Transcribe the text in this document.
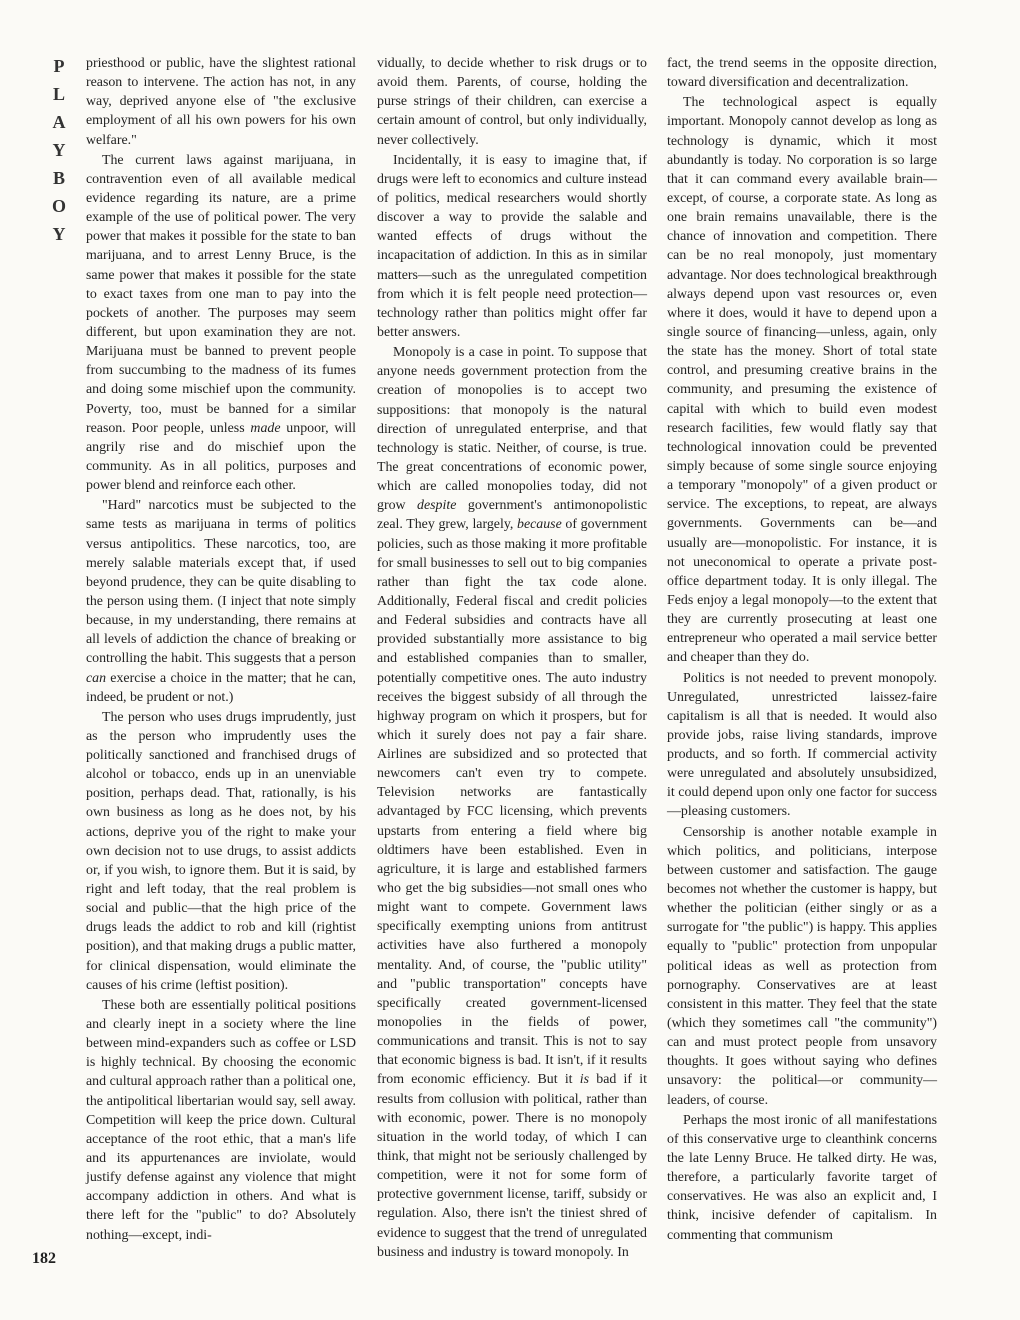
P
L
A
Y
B
O
Y
182

priesthood or public, have the slightest rational reason to intervene. The action has not, in any way, deprived anyone else of "the exclusive employment of all his own powers for his own welfare."

The current laws against marijuana, in contravention even of all available medical evidence regarding its nature, are a prime example of the use of political power. The very power that makes it possible for the state to ban marijuana, and to arrest Lenny Bruce, is the same power that makes it possible for the state to exact taxes from one man to pay into the pockets of another. The purposes may seem different, but upon examination they are not. Marijuana must be banned to prevent people from succumbing to the madness of its fumes and doing some mischief upon the community. Poverty, too, must be banned for a similar reason. Poor people, unless made unpoor, will angrily rise and do mischief upon the community. As in all politics, purposes and power blend and reinforce each other.

"Hard" narcotics must be subjected to the same tests as marijuana in terms of politics versus antipolitics. These narcotics, too, are merely salable materials except that, if used beyond prudence, they can be quite disabling to the person using them. (I inject that note simply because, in my understanding, there remains at all levels of addiction the chance of breaking or controlling the habit. This suggests that a person can exercise a choice in the matter; that he can, indeed, be prudent or not.)

The person who uses drugs imprudently, just as the person who imprudently uses the politically sanctioned and franchised drugs of alcohol or tobacco, ends up in an unenviable position, perhaps dead. That, rationally, is his own business as long as he does not, by his actions, deprive you of the right to make your own decision not to use drugs, to assist addicts or, if you wish, to ignore them. But it is said, by right and left today, that the real problem is social and public—that the high price of the drugs leads the addict to rob and kill (rightist position), and that making drugs a public matter, for clinical dispensation, would eliminate the causes of his crime (leftist position).

These both are essentially political positions and clearly inept in a society where the line between mind-expanders such as coffee or LSD is highly technical. By choosing the economic and cultural approach rather than a political one, the antipolitical libertarian would say, sell away. Competition will keep the price down. Cultural acceptance of the root ethic, that a man's life and its appurtenances are inviolate, would justify defense against any violence that might accompany addiction in others. And what is there left for the "public" to do? Absolutely nothing—except, indi-

vidually, to decide whether to risk drugs or to avoid them. Parents, of course, holding the purse strings of their children, can exercise a certain amount of control, but only individually, never collectively.

Incidentally, it is easy to imagine that, if drugs were left to economics and culture instead of politics, medical researchers would shortly discover a way to provide the salable and wanted effects of drugs without the incapacitation of addiction. In this as in similar matters—such as the unregulated competition from which it is felt people need protection—technology rather than politics might offer far better answers.

Monopoly is a case in point. To suppose that anyone needs government protection from the creation of monopolies is to accept two suppositions: that monopoly is the natural direction of unregulated enterprise, and that technology is static. Neither, of course, is true. The great concentrations of economic power, which are called monopolies today, did not grow despite government's antimonopolistic zeal. They grew, largely, because of government policies, such as those making it more profitable for small businesses to sell out to big companies rather than fight the tax code alone. Additionally, Federal fiscal and credit policies and Federal subsidies and contracts have all provided substantially more assistance to big and established companies than to smaller, potentially competitive ones. The auto industry receives the biggest subsidy of all through the highway program on which it prospers, but for which it surely does not pay a fair share. Airlines are subsidized and so protected that newcomers can't even try to compete. Television networks are fantastically advantaged by FCC licensing, which prevents upstarts from entering a field where big oldtimers have been established. Even in agriculture, it is large and established farmers who get the big subsidies—not small ones who might want to compete. Government laws specifically exempting unions from antitrust activities have also furthered a monopoly mentality. And, of course, the "public utility" and "public transportation" concepts have specifically created government-licensed monopolies in the fields of power, communications and transit. This is not to say that economic bigness is bad. It isn't, if it results from economic efficiency. But it is bad if it results from collusion with political, rather than with economic, power. There is no monopoly situation in the world today, of which I can think, that might not be seriously challenged by competition, were it not for some form of protective government license, tariff, subsidy or regulation. Also, there isn't the tiniest shred of evidence to suggest that the trend of unregulated business and industry is toward monopoly. In

fact, the trend seems in the opposite direction, toward diversification and decentralization.

The technological aspect is equally important. Monopoly cannot develop as long as technology is dynamic, which it most abundantly is today. No corporation is so large that it can command every available brain—except, of course, a corporate state. As long as one brain remains unavailable, there is the chance of innovation and competition. There can be no real monopoly, just momentary advantage. Nor does technological breakthrough always depend upon vast resources or, even where it does, would it have to depend upon a single source of financing—unless, again, only the state has the money. Short of total state control, and presuming creative brains in the community, and presuming the existence of capital with which to build even modest research facilities, few would flatly say that technological innovation could be prevented simply because of some single source enjoying a temporary "monopoly" of a given product or service. The exceptions, to repeat, are always governments. Governments can be—and usually are—monopolistic. For instance, it is not uneconomical to operate a private post-office department today. It is only illegal. The Feds enjoy a legal monopoly—to the extent that they are currently prosecuting at least one entrepreneur who operated a mail service better and cheaper than they do.

Politics is not needed to prevent monopoly. Unregulated, unrestricted laissez-faire capitalism is all that is needed. It would also provide jobs, raise living standards, improve products, and so forth. If commercial activity were unregulated and absolutely unsubsidized, it could depend upon only one factor for success—pleasing customers.

Censorship is another notable example in which politics, and politicians, interpose between customer and satisfaction. The gauge becomes not whether the customer is happy, but whether the politician (either singly or as a surrogate for "the public") is happy. This applies equally to "public" protection from unpopular political ideas as well as protection from pornography. Conservatives are at least consistent in this matter. They feel that the state (which they sometimes call "the community") can and must protect people from unsavory thoughts. It goes without saying who defines unsavory: the political—or community—leaders, of course.

Perhaps the most ironic of all manifestations of this conservative urge to cleanthink concerns the late Lenny Bruce. He talked dirty. He was, therefore, a particularly favorite target of conservatives. He was also an explicit and, I think, incisive defender of capitalism. In commenting that communism
